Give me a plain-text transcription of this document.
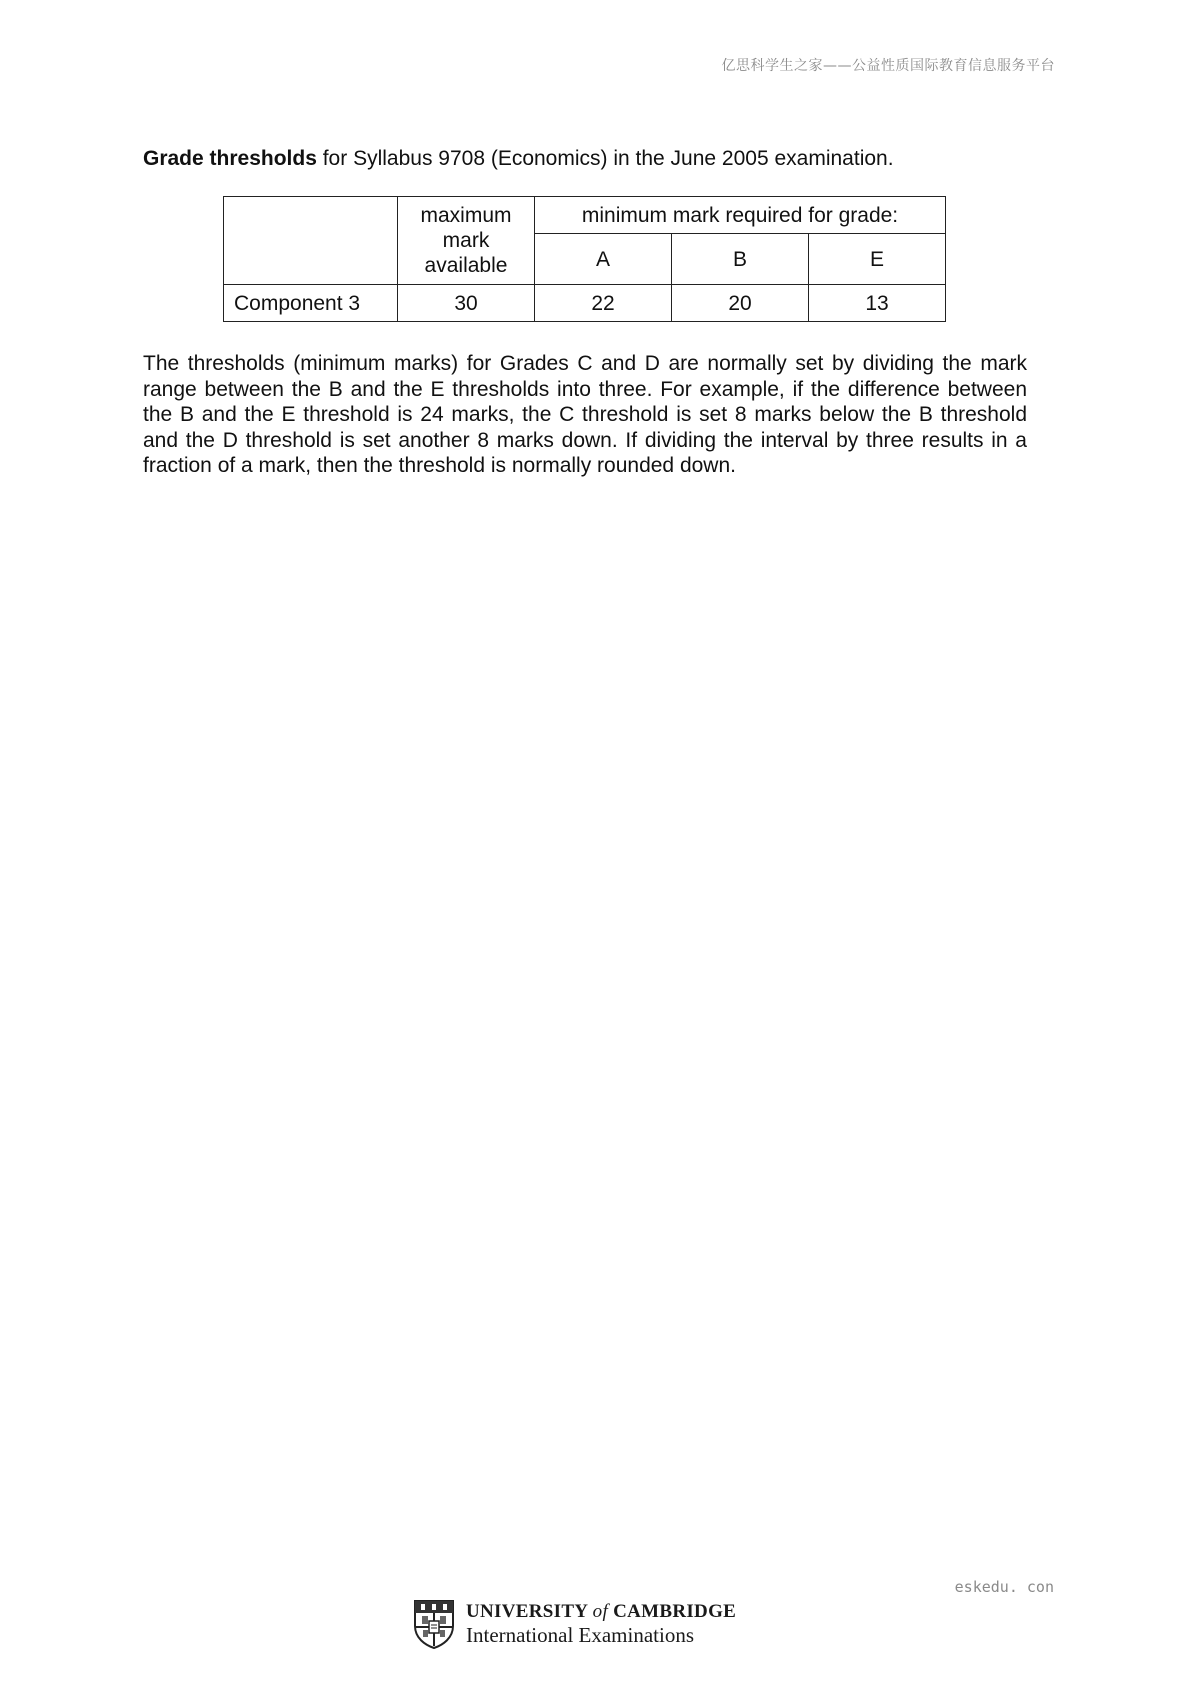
亿思科学生之家——公益性质国际教育信息服务平台
Grade thresholds for Syllabus 9708 (Economics) in the June 2005 examination.
	maximum
mark
available	minimum mark required for grade:		
		A	B	E
Component 3	30	22	20	13

The thresholds (minimum marks) for Grades C and D are normally set by dividing the mark range between the B and the E thresholds into three. For example, if the difference between the B and the E threshold is 24 marks, the C threshold is set 8 marks below the B threshold and the D threshold is set another 8 marks down. If dividing the interval by three results in a fraction of a mark, then the threshold is normally rounded down.

eskedu. con
UNIVERSITY of CAMBRIDGE
International Examinations
